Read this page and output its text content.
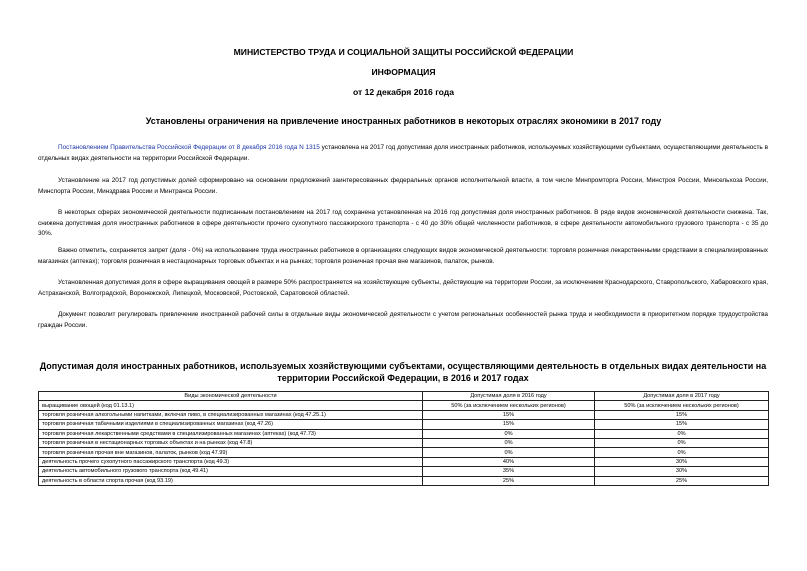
МИНИСТЕРСТВО ТРУДА И СОЦИАЛЬНОЙ ЗАЩИТЫ РОССИЙСКОЙ ФЕДЕРАЦИИ
ИНФОРМАЦИЯ
от 12 декабря 2016 года
Установлены ограничения на привлечение иностранных работников в некоторых отраслях экономики в 2017 году
Постановлением Правительства Российской Федерации от 8 декабря 2016 года N 1315 установлена на 2017 год допустимая доля иностранных работников, используемых хозяйствующими субъектами, осуществляющими деятельность в отдельных видах деятельности на территории Российской Федерации.
Установление на 2017 год допустимых долей сформировано на основании предложений заинтересованных федеральных органов исполнительной власти, в том числе Минпромторга России, Минстроя России, Минсельхоза России, Минспорта России, Минздрава России и Минтранса России.
В некоторых сферах экономической деятельности подписанным постановлением на 2017 год сохранена установленная на 2016 год допустимая доля иностранных работников. В ряде видов экономической деятельности снижена. Так, снижена допустимая доля иностранных работников в сфере деятельности прочего сухопутного пассажирского транспорта - с 40 до 30% общей численности работников, в сфере деятельности автомобильного грузового транспорта - с 35 до 30%.
Важно отметить, сохраняется запрет (доля - 0%) на использование труда иностранных работников в организациях следующих видов экономической деятельности: торговля розничная лекарственными средствами в специализированных магазинах (аптеках); торговля розничная в нестационарных торговых объектах и на рынках; торговля розничная прочая вне магазинов, палаток, рынков.
Установленная допустимая доля в сфере выращивания овощей в размере 50% распространяется на хозяйствующие субъекты, действующие на территории России, за исключением Краснодарского, Ставропольского, Хабаровского края, Астраханской, Волгоградской, Воронежской, Липецкой, Московской, Ростовской, Саратовской областей.
Документ позволит регулировать привлечение иностранной рабочей силы в отдельные виды экономической деятельности с учетом региональных особенностей рынка труда и необходимости в приоритетном порядке трудоустройства граждан России.
Допустимая доля иностранных работников, используемых хозяйствующими субъектами, осуществляющими деятельность в отдельных видах деятельности на территории Российской Федерации, в 2016 и 2017 годах
Виды экономической деятельности	Допустимая доля в 2016 году	Допустимая доля в 2017 году
выращивание овощей (код 01.13.1)	50% (за исключением нескольких регионов)	50% (за исключением нескольких регионов)
торговля розничная алкогольными напитками, включая пиво, в специализированных магазинах (код 47.25.1)	15%	15%
торговля розничная табачными изделиями в специализированных магазинах (код 47.26)	15%	15%
торговля розничная лекарственными средствами в специализированных магазинах (аптеках) (код 47.73)	0%	0%
торговля розничная в нестационарных торговых объектах и на рынках (код 47.8)	0%	0%
торговля розничная прочая вне магазинов, палаток, рынков (код 47.99)	0%	0%
деятельность прочего сухопутного пассажирского транспорта (код 49.3)	40%	30%
деятельность автомобильного грузового транспорта (код 49.41)	35%	30%
деятельность в области спорта прочая (код 93.19)	25%	25%
